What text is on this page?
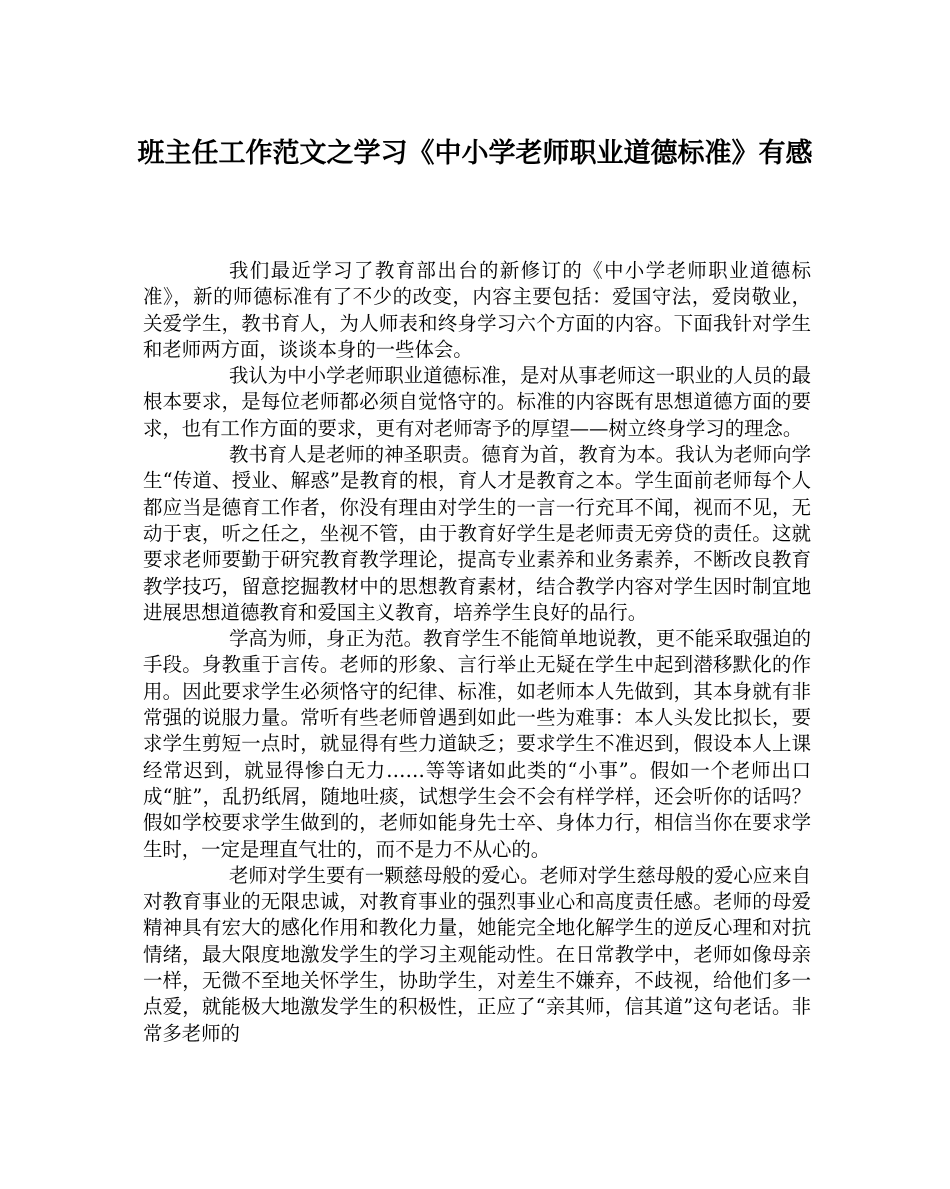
班主任工作范文之学习《中小学老师职业道德标准》有感

我们最近学习了教育部出台的新修订的《中小学老师职业道德标准》，新的师德标准有了不少的改变，内容主要包括：爱国守法，爱岗敬业，关爱学生，教书育人，为人师表和终身学习六个方面的内容。下面我针对学生和老师两方面，谈谈本身的一些体会。

我认为中小学老师职业道德标准，是对从事老师这一职业的人员的最根本要求，是每位老师都必须自觉恪守的。标准的内容既有思想道德方面的要求，也有工作方面的要求，更有对老师寄予的厚望——树立终身学习的理念。

教书育人是老师的神圣职责。德育为首，教育为本。我认为老师向学生“传道、授业、解惑”是教育的根，育人才是教育之本。学生面前老师每个人都应当是德育工作者，你没有理由对学生的一言一行充耳不闻，视而不见，无动于衷，听之任之，坐视不管，由于教育好学生是老师责无旁贷的责任。这就要求老师要勤于研究教育教学理论，提高专业素养和业务素养，不断改良教育教学技巧，留意挖掘教材中的思想教育素材，结合教学内容对学生因时制宜地进展思想道德教育和爱国主义教育，培养学生良好的品行。

学高为师，身正为范。教育学生不能简单地说教，更不能采取强迫的手段。身教重于言传。老师的形象、言行举止无疑在学生中起到潜移默化的作用。因此要求学生必须恪守的纪律、标准，如老师本人先做到，其本身就有非常强的说服力量。常听有些老师曾遇到如此一些为难事：本人头发比拟长，要求学生剪短一点时，就显得有些力道缺乏；要求学生不准迟到，假设本人上课经常迟到，就显得惨白无力……等等诸如此类的“小事”。假如一个老师出口成“脏”，乱扔纸屑，随地吐痰，试想学生会不会有样学样，还会听你的话吗？假如学校要求学生做到的，老师如能身先士卒、身体力行，相信当你在要求学生时，一定是理直气壮的，而不是力不从心的。

老师对学生要有一颗慈母般的爱心。老师对学生慈母般的爱心应来自对教育事业的无限忠诚，对教育事业的强烈事业心和高度责任感。老师的母爱精神具有宏大的感化作用和教化力量，她能完全地化解学生的逆反心理和对抗情绪，最大限度地激发学生的学习主观能动性。在日常教学中，老师如像母亲一样，无微不至地关怀学生，协助学生，对差生不嫌弃，不歧视，给他们多一点爱，就能极大地激发学生的积极性，正应了“亲其师，信其道”这句老话。非常多老师的
